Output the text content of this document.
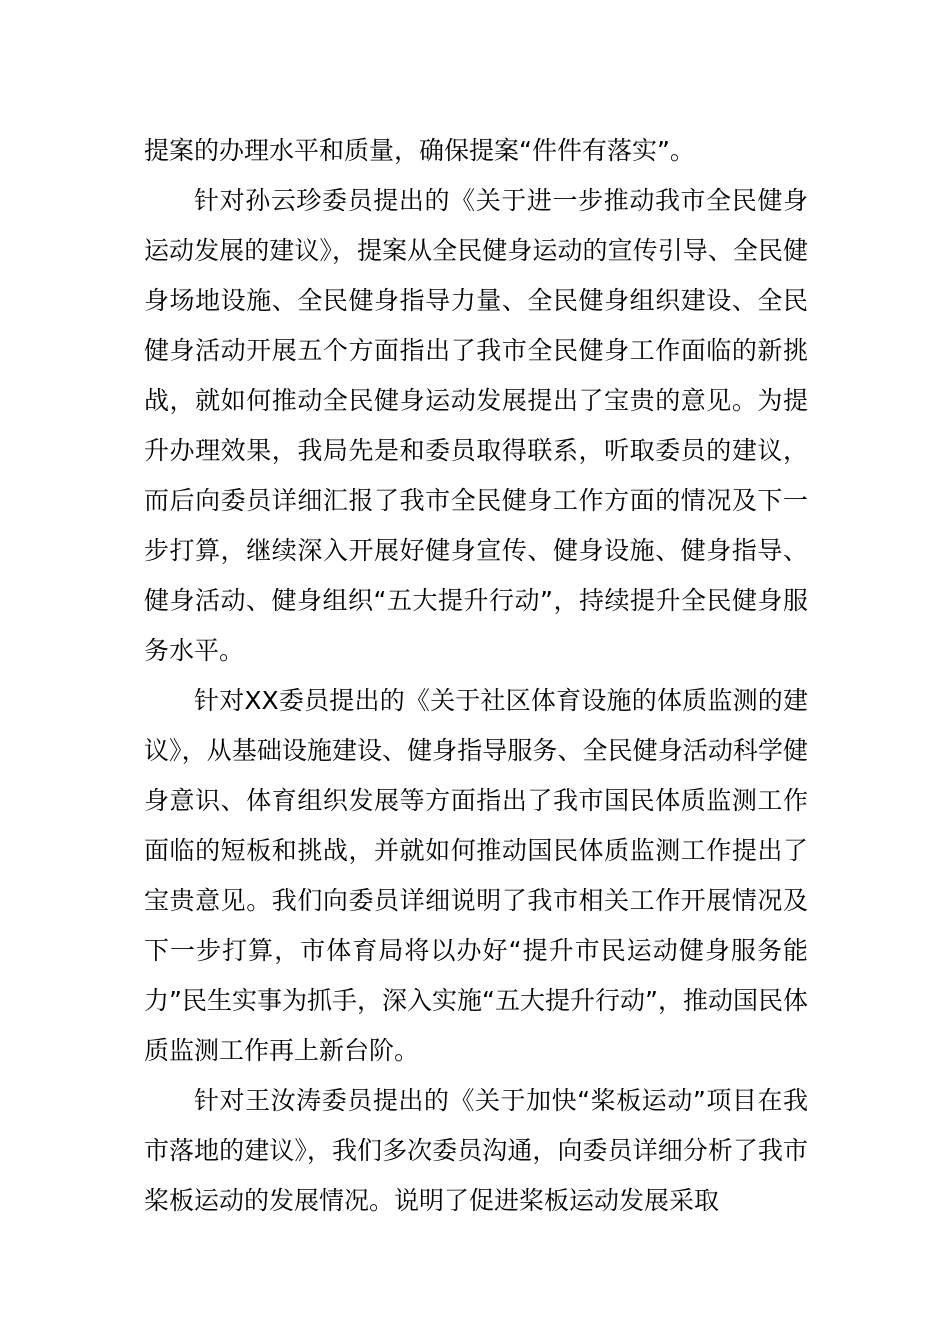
提案的办理水平和质量，确保提案“件件有落实”。

针对孙云珍委员提出的《关于进一步推动我市全民健身运动发展的建议》，提案从全民健身运动的宣传引导、全民健身场地设施、全民健身指导力量、全民健身组织建设、全民健身活动开展五个方面指出了我市全民健身工作面临的新挑战，就如何推动全民健身运动发展提出了宝贵的意见。为提升办理效果，我局先是和委员取得联系，听取委员的建议，而后向委员详细汇报了我市全民健身工作方面的情况及下一步打算，继续深入开展好健身宣传、健身设施、健身指导、健身活动、健身组织“五大提升行动”，持续提升全民健身服务水平。

针对XX委员提出的《关于社区体育设施的体质监测的建议》，从基础设施建设、健身指导服务、全民健身活动科学健身意识、体育组织发展等方面指出了我市国民体质监测工作面临的短板和挑战，并就如何推动国民体质监测工作提出了宝贵意见。我们向委员详细说明了我市相关工作开展情况及下一步打算，市体育局将以办好“提升市民运动健身服务能力”民生实事为抓手，深入实施“五大提升行动”，推动国民体质监测工作再上新台阶。

针对王汝涛委员提出的《关于加快“桨板运动”项目在我市落地的建议》，我们多次委员沟通，向委员详细分析了我市桨板运动的发展情况。说明了促进桨板运动发展采取
